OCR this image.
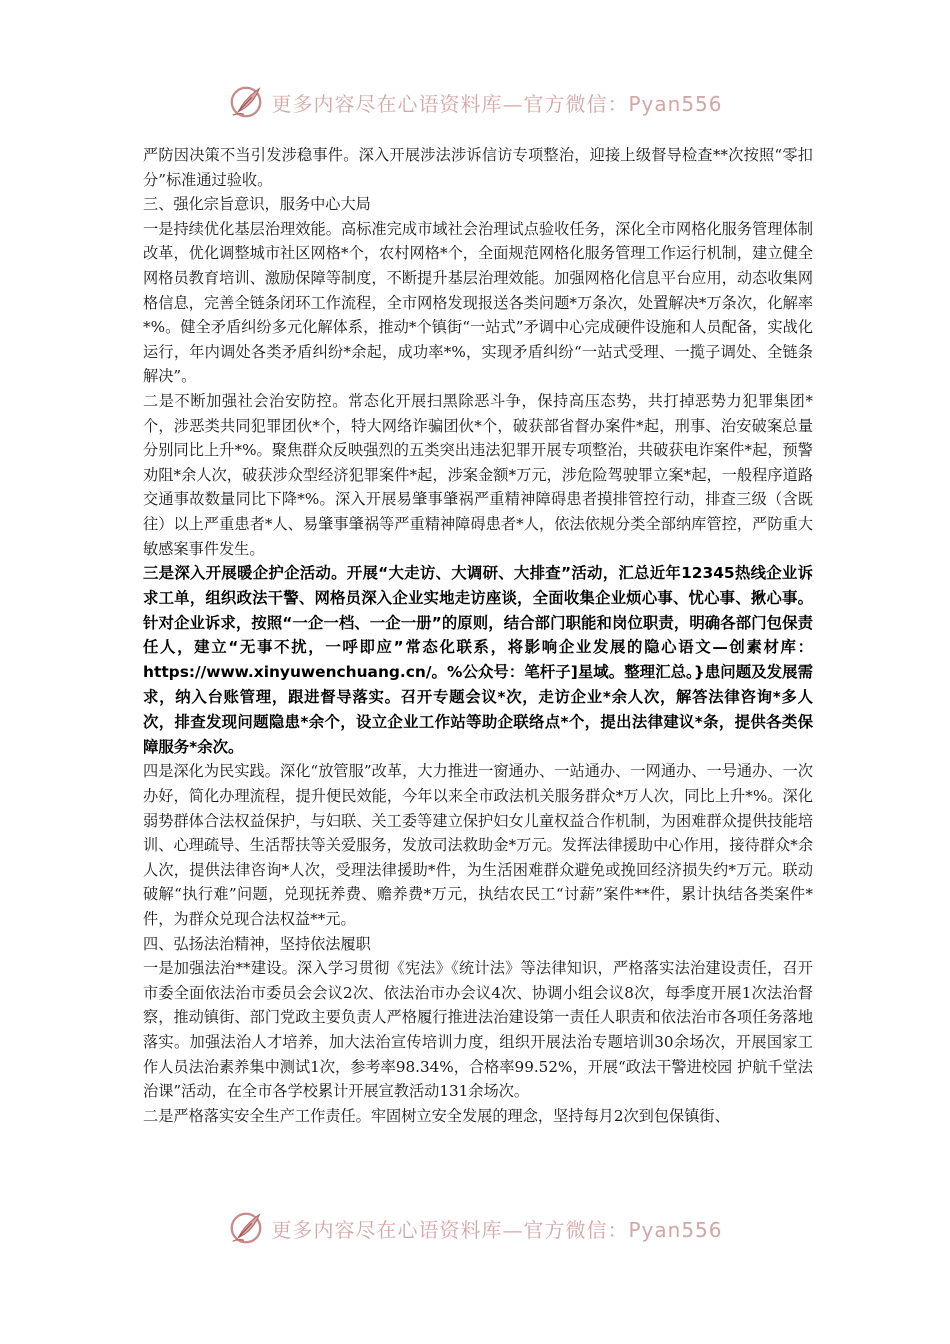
更多内容尽在心语资料库—官方微信：Pyan556

严防因决策不当引发涉稳事件。深入开展涉法涉诉信访专项整治，迎接上级督导检查**次按照“零扣分”标准通过验收。

三、强化宗旨意识，服务中心大局

一是持续优化基层治理效能。高标准完成市域社会治理试点验收任务，深化全市网格化服务管理体制改革，优化调整城市社区网格*个，农村网格*个，全面规范网格化服务管理工作运行机制，建立健全网格员教育培训、激励保障等制度，不断提升基层治理效能。加强网格化信息平台应用，动态收集网格信息，完善全链条闭环工作流程，全市网格发现报送各类问题*万条次，处置解决*万条次，化解率*%。健全矛盾纠纷多元化解体系，推动*个镇街“一站式”矛调中心完成硬件设施和人员配备，实战化运行，年内调处各类矛盾纠纷*余起，成功率*%，实现矛盾纠纷“一站式受理、一揽子调处、全链条解决”。

二是不断加强社会治安防控。常态化开展扫黑除恶斗争，保持高压态势，共打掉恶势力犯罪集团*个，涉恶类共同犯罪团伙*个，特大网络诈骗团伙*个，破获部省督办案件*起，刑事、治安破案总量分别同比上升*%。聚焦群众反映强烈的五类突出违法犯罪开展专项整治，共破获电诈案件*起，预警劝阻*余人次，破获涉众型经济犯罪案件*起，涉案金额*万元，涉危险驾驶罪立案*起，一般程序道路交通事故数量同比下降*%。深入开展易肇事肇祸严重精神障碍患者摸排管控行动，排查三级（含既往）以上严重患者*人、易肇事肇祸等严重精神障碍患者*人，依法依规分类全部纳库管控，严防重大敏感案事件发生。

三是深入开展暖企护企活动。开展“大走访、大调研、大排查”活动，汇总近年12345热线企业诉求工单，组织政法干警、网格员深入企业实地走访座谈，全面收集企业烦心事、忧心事、揪心事。针对企业诉求，按照“一企一档、一企一册”的原则，结合部门职能和岗位职责，明确各部门包保责任人，建立“无事不扰，一呼即应”常态化联系，将影响企业发展的隐心语文—创素材库：https://www.xinyuwenchuang.cn/。%公众号：笔杆子]星域。整理汇总。}患问题及发展需求，纳入台账管理，跟进督导落实。召开专题会议*次，走访企业*余人次，解答法律咨询*多人次，排查发现问题隐患*余个，设立企业工作站等助企联络点*个，提出法律建议*条，提供各类保障服务*余次。

四是深化为民实践。深化“放管服”改革，大力推进一窗通办、一站通办、一网通办、一号通办、一次办好，简化办理流程，提升便民效能，今年以来全市政法机关服务群众*万人次，同比上升*%。深化弱势群体合法权益保护，与妇联、关工委等建立保护妇女儿童权益合作机制，为困难群众提供技能培训、心理疏导、生活帮扶等关爱服务，发放司法救助金*万元。发挥法律援助中心作用，接待群众*余人次，提供法律咨询*人次，受理法律援助*件，为生活困难群众避免或挽回经济损失约*万元。联动破解“执行难”问题，兑现抚养费、赡养费*万元，执结农民工“讨薪”案件**件，累计执结各类案件*件，为群众兑现合法权益**元。

四、弘扬法治精神，坚持依法履职

一是加强法治**建设。深入学习贯彻《宪法》《统计法》等法律知识，严格落实法治建设责任，召开市委全面依法治市委员会会议2次、依法治市办会议4次、协调小组会议8次，每季度开展1次法治督察，推动镇街、部门党政主要负责人严格履行推进法治建设第一责任人职责和依法治市各项任务落地落实。加强法治人才培养，加大法治宣传培训力度，组织开展法治专题培训30余场次，开展国家工作人员法治素养集中测试1次，参考率98.34%，合格率99.52%，开展“政法干警进校园 护航千堂法治课”活动，在全市各学校累计开展宣教活动131余场次。

二是严格落实安全生产工作责任。牢固树立安全发展的理念，坚持每月2次到包保镇街、

更多内容尽在心语资料库—官方微信：Pyan556
